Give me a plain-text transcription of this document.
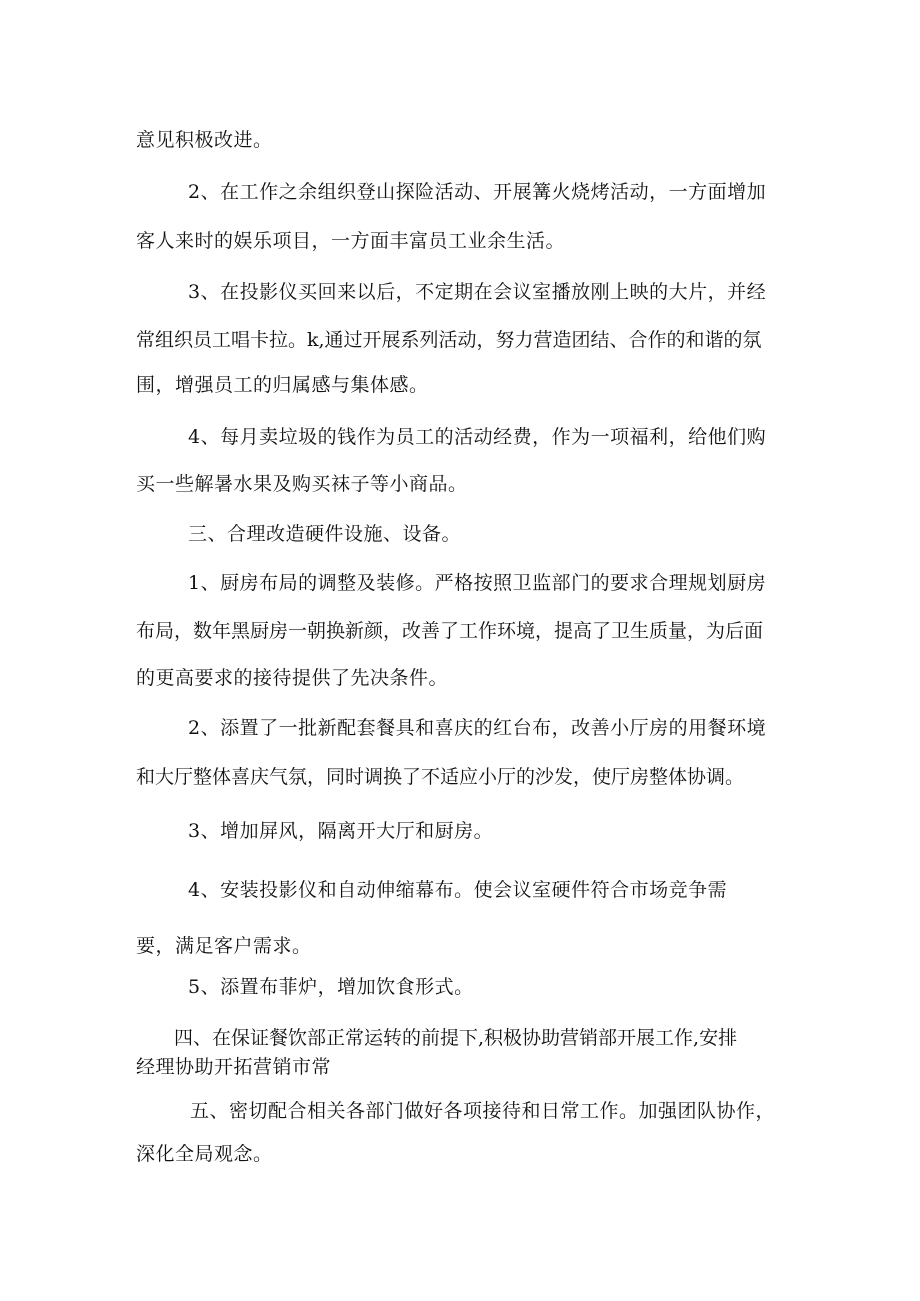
意见积极改进。
2、在工作之余组织登山探险活动、开展篝火烧烤活动，一方面增加
客人来时的娱乐项目，一方面丰富员工业余生活。
3、在投影仪买回来以后，不定期在会议室播放刚上映的大片，并经
常组织员工唱卡拉。k,通过开展系列活动，努力营造团结、合作的和谐的氛
围，增强员工的归属感与集体感。
4、每月卖垃圾的钱作为员工的活动经费，作为一项福利，给他们购
买一些解暑水果及购买袜子等小商品。
三、合理改造硬件设施、设备。
1、厨房布局的调整及装修。严格按照卫监部门的要求合理规划厨房
布局，数年黑厨房一朝换新颜，改善了工作环境，提高了卫生质量，为后面
的更高要求的接待提供了先决条件。
2、添置了一批新配套餐具和喜庆的红台布，改善小厅房的用餐环境
和大厅整体喜庆气氛，同时调换了不适应小厅的沙发，使厅房整体协调。
3、增加屏风，隔离开大厅和厨房。
4、安装投影仪和自动伸缩幕布。使会议室硬件符合市场竞争需
要，满足客户需求。
5、添置布菲炉，增加饮食形式。
四、在保证餐饮部正常运转的前提下,积极协助营销部开展工作,安排
经理协助开拓营销市常
五、密切配合相关各部门做好各项接待和日常工作。加强团队协作，
深化全局观念。
